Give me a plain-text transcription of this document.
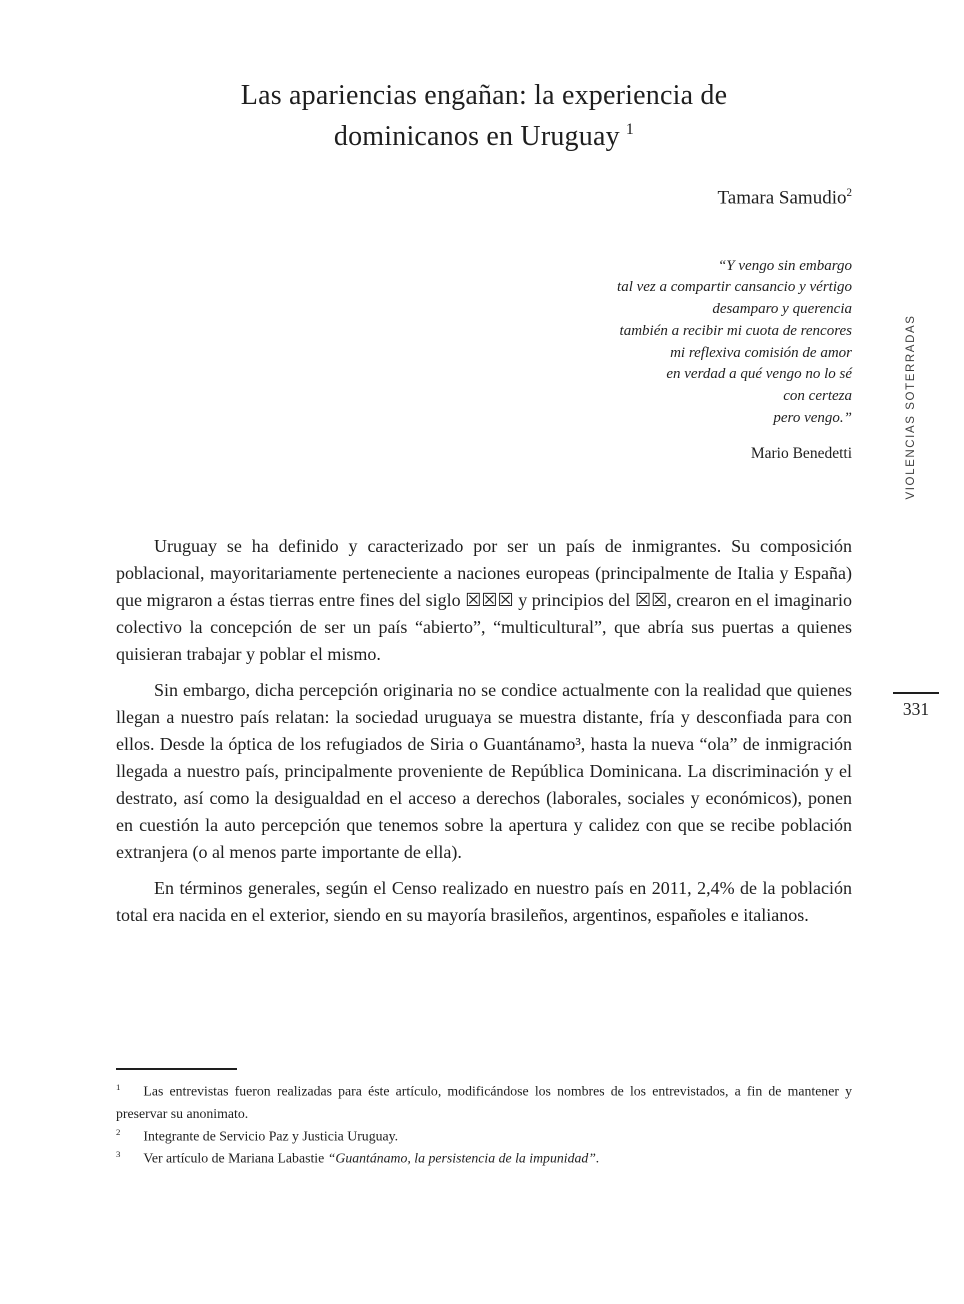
Las apariencias engañan: la experiencia de
dominicanos en Uruguay $^1$
Tamara Samudio$^2$
“Y vengo sin embargo
tal vez a compartir cansancio y vértigo
desamparo y querencia
también a recibir mi cuota de rencores
mi reflexiva comisión de amor
en verdad a qué vengo no lo sé
con certeza
pero vengo.”
Mario Benedetti

Uruguay se ha definido y caracterizado por ser un país de inmigrantes. Su composición poblacional, mayoritariamente perteneciente a naciones europeas (principalmente de Italia y España) que migraron a éstas tierras entre fines del siglo ☒☒☒ y principios del ☒☒, crearon en el imaginario colectivo la concepción de ser un país “abierto”, “multicultural”, que abría sus puertas a quienes quisieran trabajar y poblar el mismo.

Sin embargo, dicha percepción originaria no se condice actualmente con la realidad que quienes llegan a nuestro país relatan: la sociedad uruguaya se muestra distante, fría y desconfiada para con ellos. Desde la óptica de los refugiados de Siria o Guantánamo³, hasta la nueva “ola” de inmigración llegada a nuestro país, principalmente proveniente de República Dominicana. La discriminación y el destrato, así como la desigualdad en el acceso a derechos (laborales, sociales y económicos), ponen en cuestión la auto percepción que tenemos sobre la apertura y calidez con que se recibe población extranjera (o al menos parte importante de ella).

En términos generales, según el Censo realizado en nuestro país en 2011, 2,4% de la población total era nacida en el exterior, siendo en su mayoría brasileños, argentinos, españoles e italianos.

$^1$ Las entrevistas fueron realizadas para éste artículo, modificándose los nombres de los entrevistados, a fin de mantener y preservar su anonimato.

$^2$ Integrante de Servicio Paz y Justicia Uruguay.

$^3$ Ver artículo de Mariana Labastie “Guantánamo, la persistencia de la impunidad”.

VIOLENCIAS SOTERRADAS
331
